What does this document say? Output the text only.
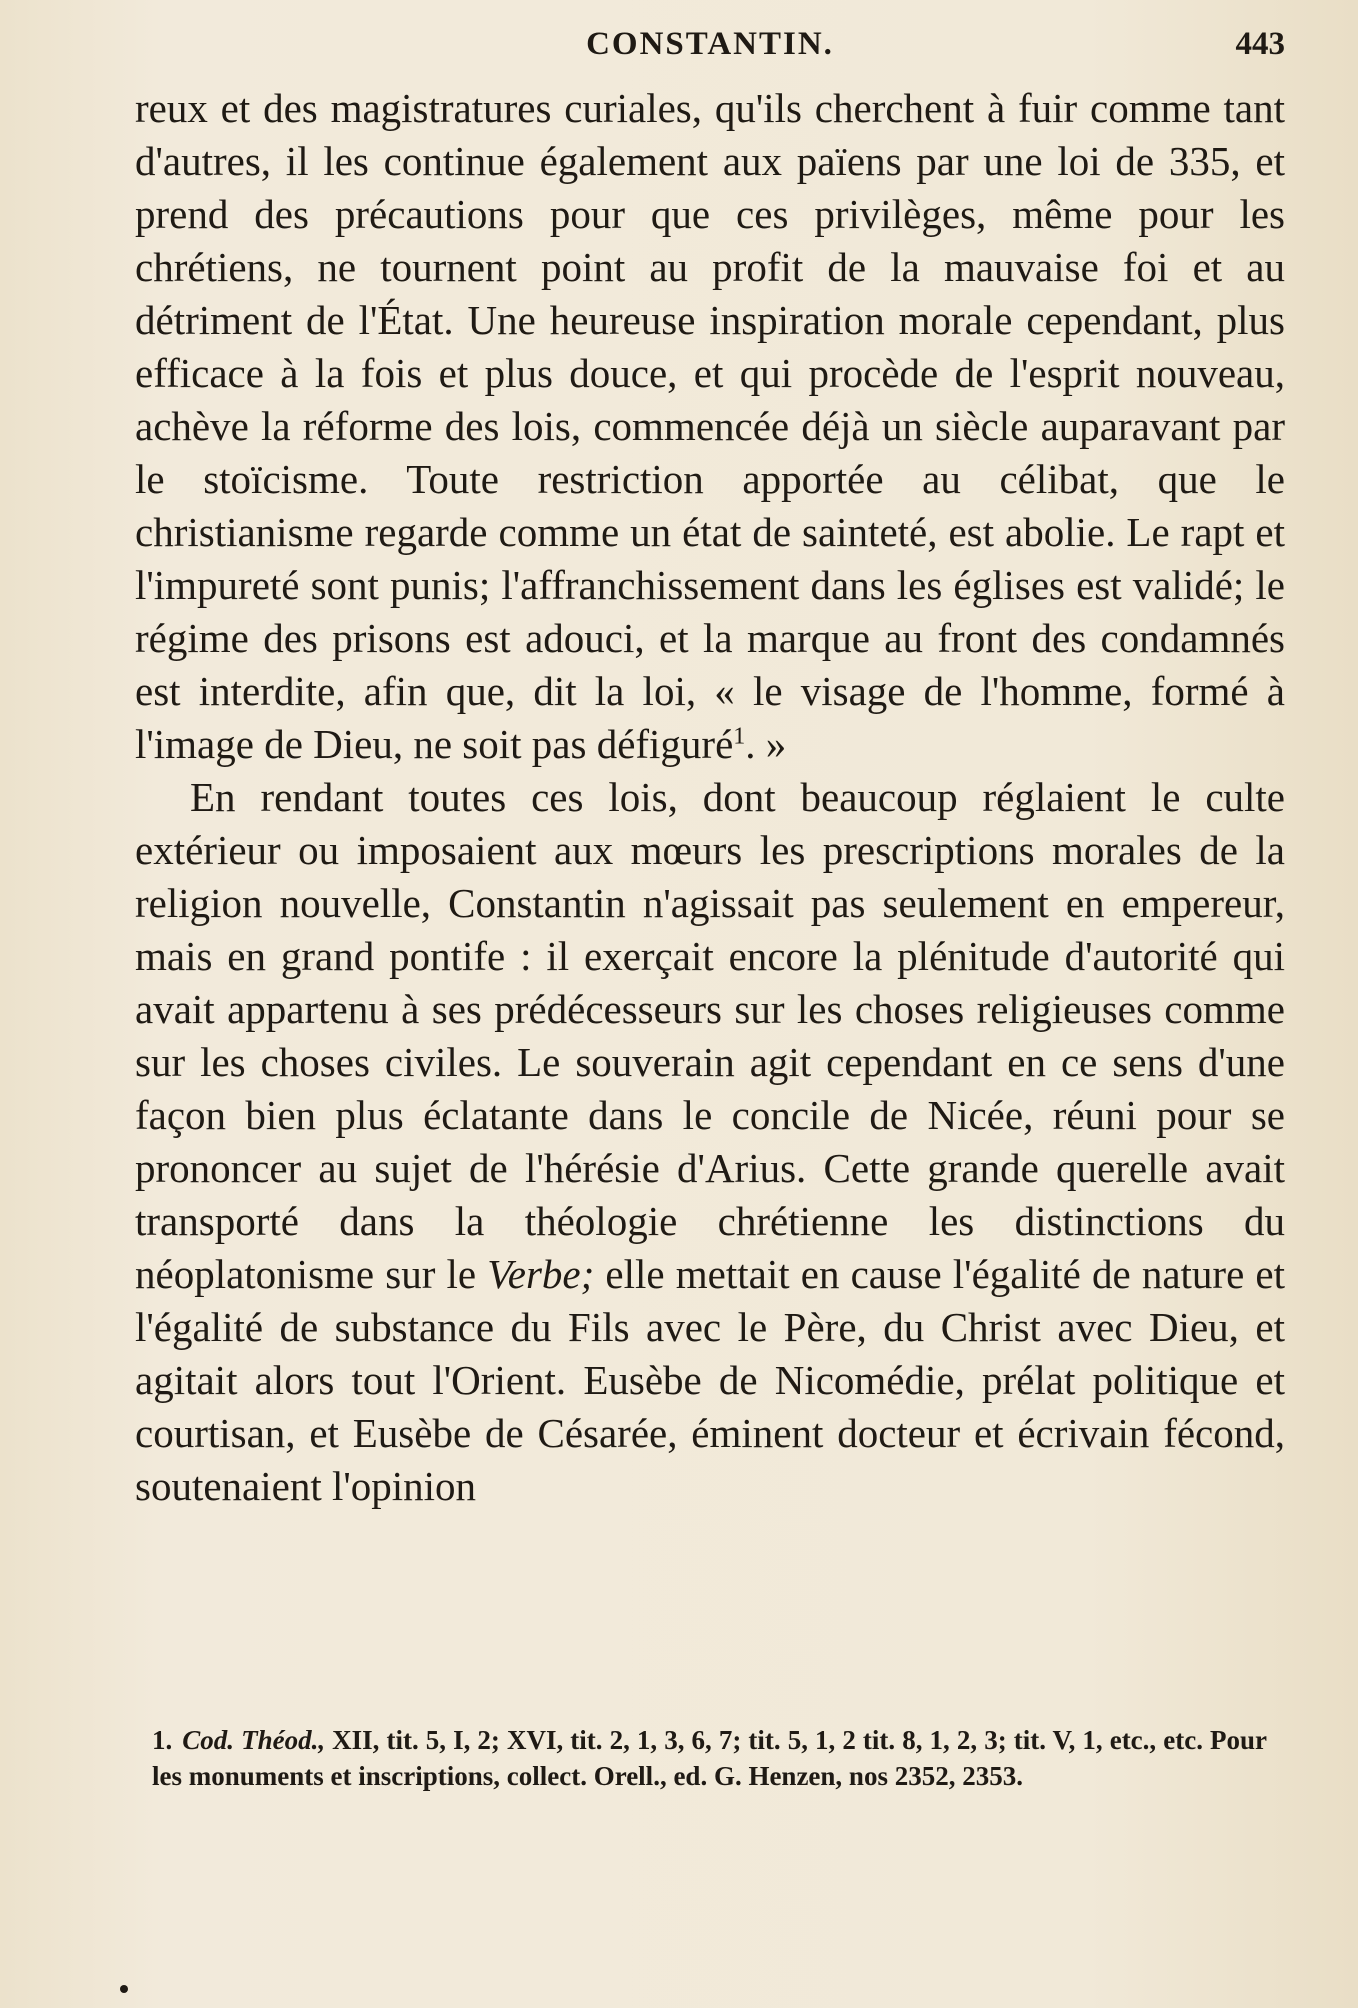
CONSTANTIN.	443

reux et des magistratures curiales, qu'ils cherchent à fuir comme tant d'autres, il les continue également aux païens par une loi de 335, et prend des précautions pour que ces privilèges, même pour les chrétiens, ne tournent point au profit de la mauvaise foi et au détriment de l'État. Une heureuse inspiration morale cependant, plus efficace à la fois et plus douce, et qui procède de l'esprit nouveau, achève la réforme des lois, commencée déjà un siècle auparavant par le stoïcisme. Toute restriction apportée au célibat, que le christianisme regarde comme un état de sainteté, est abolie. Le rapt et l'impureté sont punis; l'affranchissement dans les églises est validé; le régime des prisons est adouci, et la marque au front des condamnés est interdite, afin que, dit la loi, « le visage de l'homme, formé à l'image de Dieu, ne soit pas défiguré$^1$. »

En rendant toutes ces lois, dont beaucoup réglaient le culte extérieur ou imposaient aux mœurs les prescriptions morales de la religion nouvelle, Constantin n'agissait pas seulement en empereur, mais en grand pontife : il exerçait encore la plénitude d'autorité qui avait appartenu à ses prédécesseurs sur les choses religieuses comme sur les choses civiles. Le souverain agit cependant en ce sens d'une façon bien plus éclatante dans le concile de Nicée, réuni pour se prononcer au sujet de l'hérésie d'Arius. Cette grande querelle avait transporté dans la théologie chrétienne les distinctions du néoplatonisme sur le Verbe; elle mettait en cause l'égalité de nature et l'égalité de substance du Fils avec le Père, du Christ avec Dieu, et agitait alors tout l'Orient. Eusèbe de Nicomédie, prélat politique et courtisan, et Eusèbe de Césarée, éminent docteur et écrivain fécond, soutenaient l'opinion

1. Cod. Théod., XII, tit. 5, I, 2; XVI, tit. 2, 1, 3, 6, 7; tit. 5, 1, 2 tit. 8, 1, 2, 3; tit. V, 1, etc., etc. Pour les monuments et inscriptions, collect. Orell., ed. G. Henzen, nos 2352, 2353.
